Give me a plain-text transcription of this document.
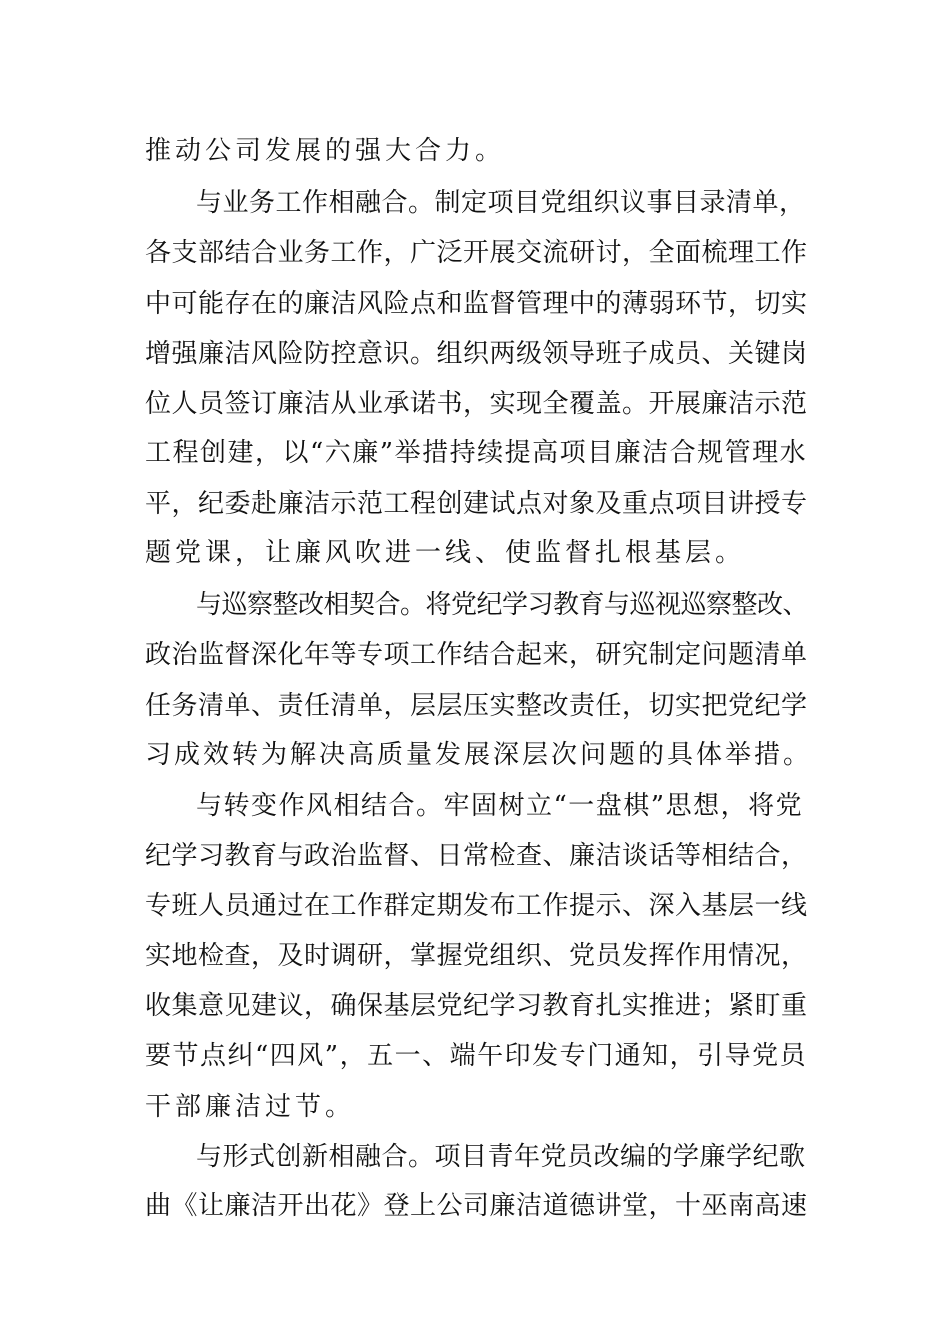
推动公司发展的强大合力。
与业务工作相融合。制定项目党组织议事目录清单，
各支部结合业务工作，广泛开展交流研讨，全面梳理工作
中可能存在的廉洁风险点和监督管理中的薄弱环节，切实
增强廉洁风险防控意识。组织两级领导班子成员、关键岗
位人员签订廉洁从业承诺书，实现全覆盖。开展廉洁示范
工程创建，以“六廉”举措持续提高项目廉洁合规管理水
平，纪委赴廉洁示范工程创建试点对象及重点项目讲授专
题党课，让廉风吹进一线、使监督扎根基层。
与巡察整改相契合。将党纪学习教育与巡视巡察整改、
政治监督深化年等专项工作结合起来，研究制定问题清单
任务清单、责任清单，层层压实整改责任，切实把党纪学
习成效转为解决高质量发展深层次问题的具体举措。
与转变作风相结合。牢固树立“一盘棋”思想，将党
纪学习教育与政治监督、日常检查、廉洁谈话等相结合，
专班人员通过在工作群定期发布工作提示、深入基层一线
实地检查，及时调研，掌握党组织、党员发挥作用情况，
收集意见建议，确保基层党纪学习教育扎实推进；紧盯重
要节点纠“四风”，五一、端午印发专门通知，引导党员
干部廉洁过节。
与形式创新相融合。项目青年党员改编的学廉学纪歌
曲《让廉洁开出花》登上公司廉洁道德讲堂，十巫南高速
